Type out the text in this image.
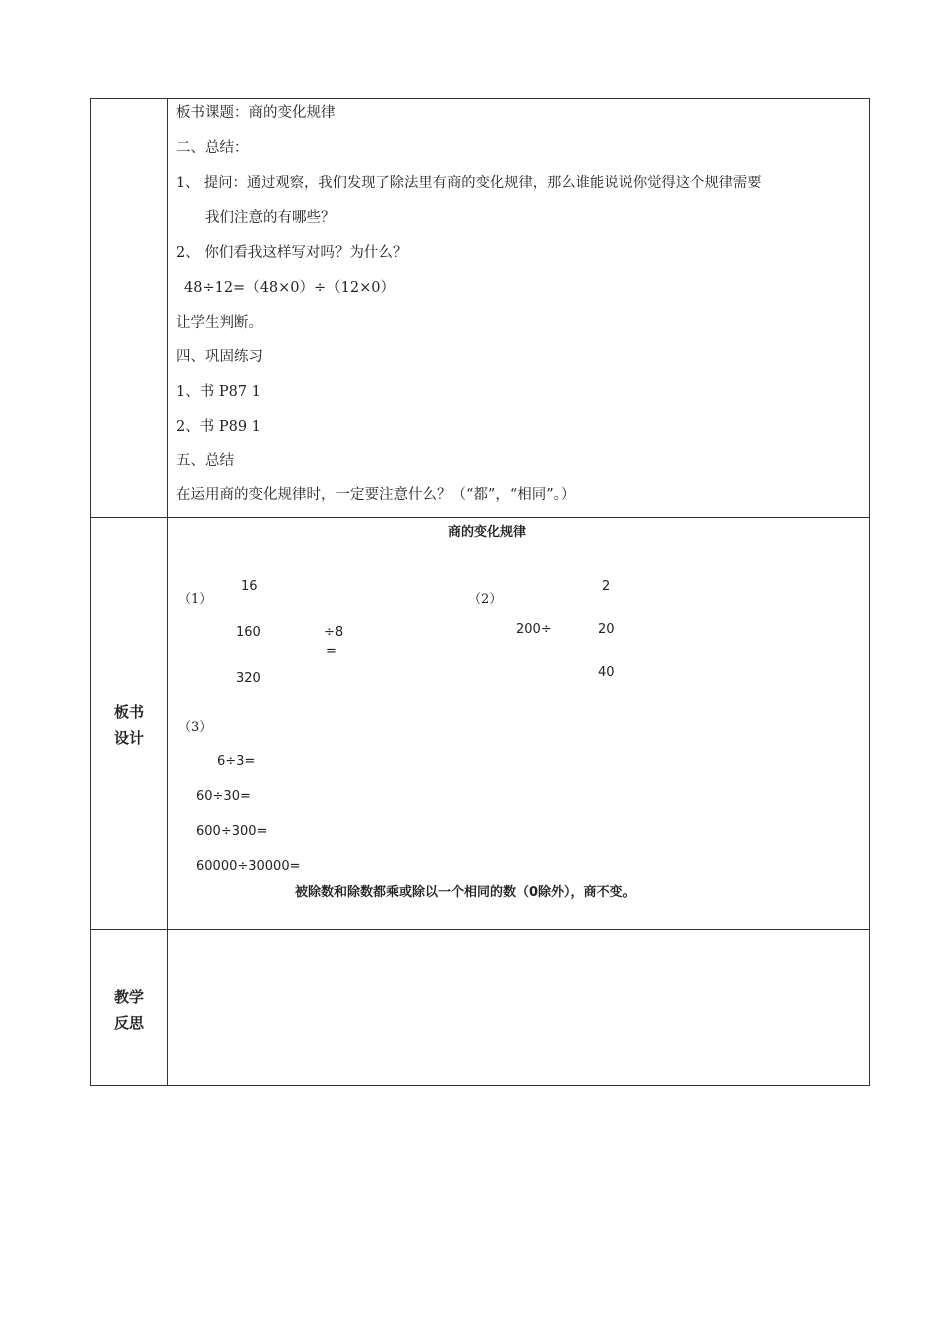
板书课题：商的变化规律
二、总结：
1、 提问：通过观察，我们发现了除法里有商的变化规律，那么谁能说说你觉得这个规律需要
我们注意的有哪些？
2、 你们看我这样写对吗？为什么？
48÷12=（48×0）÷（12×0）
让学生判断。
四、巩固练习
1、书 P87 1
2、书 P89 1
五、总结
在运用商的变化规律时，一定要注意什么？（“都”，“相同”。）
板书
设计
商的变化规律
（1）
16
160
320
÷8
=
（2）
200÷
2
20
40
（3）
6÷3=
60÷30=
600÷300=
60000÷30000=
被除数和除数都乘或除以一个相同的数（0除外），商不变。
教学
反思
